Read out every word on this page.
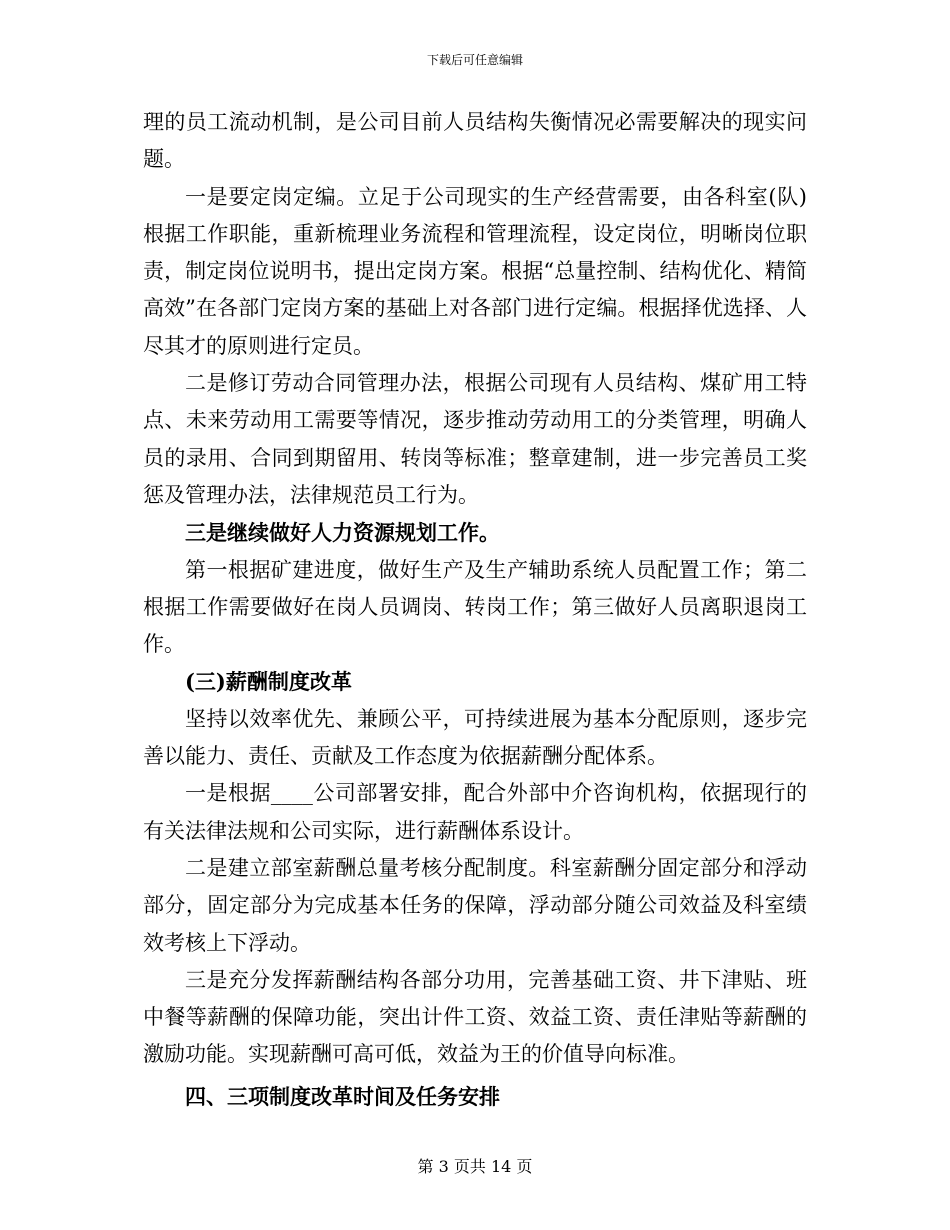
下载后可任意编辑

理的员工流动机制，是公司目前人员结构失衡情况必需要解决的现实问题。

一是要定岗定编。立足于公司现实的生产经营需要，由各科室(队)根据工作职能，重新梳理业务流程和管理流程，设定岗位，明晰岗位职责，制定岗位说明书，提出定岗方案。根据“总量控制、结构优化、精简高效”在各部门定岗方案的基础上对各部门进行定编。根据择优选择、人尽其才的原则进行定员。

二是修订劳动合同管理办法，根据公司现有人员结构、煤矿用工特点、未来劳动用工需要等情况，逐步推动劳动用工的分类管理，明确人员的录用、合同到期留用、转岗等标准；整章建制，进一步完善员工奖惩及管理办法，法律规范员工行为。

三是继续做好人力资源规划工作。

第一根据矿建进度，做好生产及生产辅助系统人员配置工作；第二根据工作需要做好在岗人员调岗、转岗工作；第三做好人员离职退岗工作。

(三)薪酬制度改革

坚持以效率优先、兼顾公平，可持续进展为基本分配原则，逐步完善以能力、责任、贡献及工作态度为依据薪酬分配体系。

一是根据____公司部署安排，配合外部中介咨询机构，依据现行的有关法律法规和公司实际，进行薪酬体系设计。

二是建立部室薪酬总量考核分配制度。科室薪酬分固定部分和浮动部分，固定部分为完成基本任务的保障，浮动部分随公司效益及科室绩效考核上下浮动。

三是充分发挥薪酬结构各部分功用，完善基础工资、井下津贴、班中餐等薪酬的保障功能，突出计件工资、效益工资、责任津贴等薪酬的激励功能。实现薪酬可高可低，效益为王的价值导向标准。

四、三项制度改革时间及任务安排

第 3 页共 14 页
